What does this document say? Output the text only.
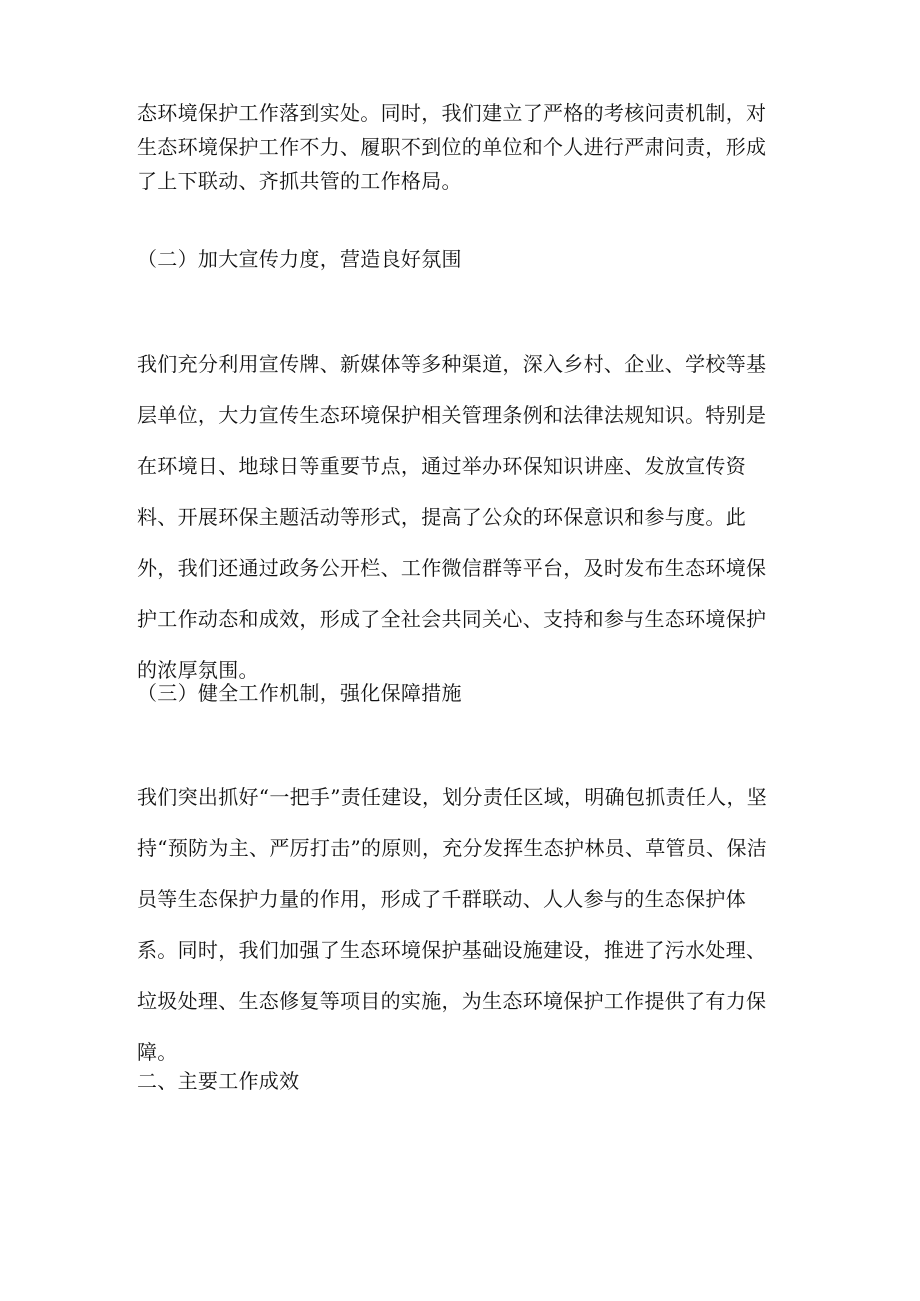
态环境保护工作落到实处。同时，我们建立了严格的考核问责机制，对生态环境保护工作不力、履职不到位的单位和个人进行严肃问责，形成了上下联动、齐抓共管的工作格局。

（二）加大宣传力度，营造良好氛围

我们充分利用宣传牌、新媒体等多种渠道，深入乡村、企业、学校等基层单位，大力宣传生态环境保护相关管理条例和法律法规知识。特别是在环境日、地球日等重要节点，通过举办环保知识讲座、发放宣传资料、开展环保主题活动等形式，提高了公众的环保意识和参与度。此外，我们还通过政务公开栏、工作微信群等平台，及时发布生态环境保护工作动态和成效，形成了全社会共同关心、支持和参与生态环境保护的浓厚氛围。

（三）健全工作机制，强化保障措施

我们突出抓好“一把手”责任建设，划分责任区域，明确包抓责任人，坚持“预防为主、严厉打击”的原则，充分发挥生态护林员、草管员、保洁员等生态保护力量的作用，形成了千群联动、人人参与的生态保护体系。同时，我们加强了生态环境保护基础设施建设，推进了污水处理、垃圾处理、生态修复等项目的实施，为生态环境保护工作提供了有力保障。

二、主要工作成效
